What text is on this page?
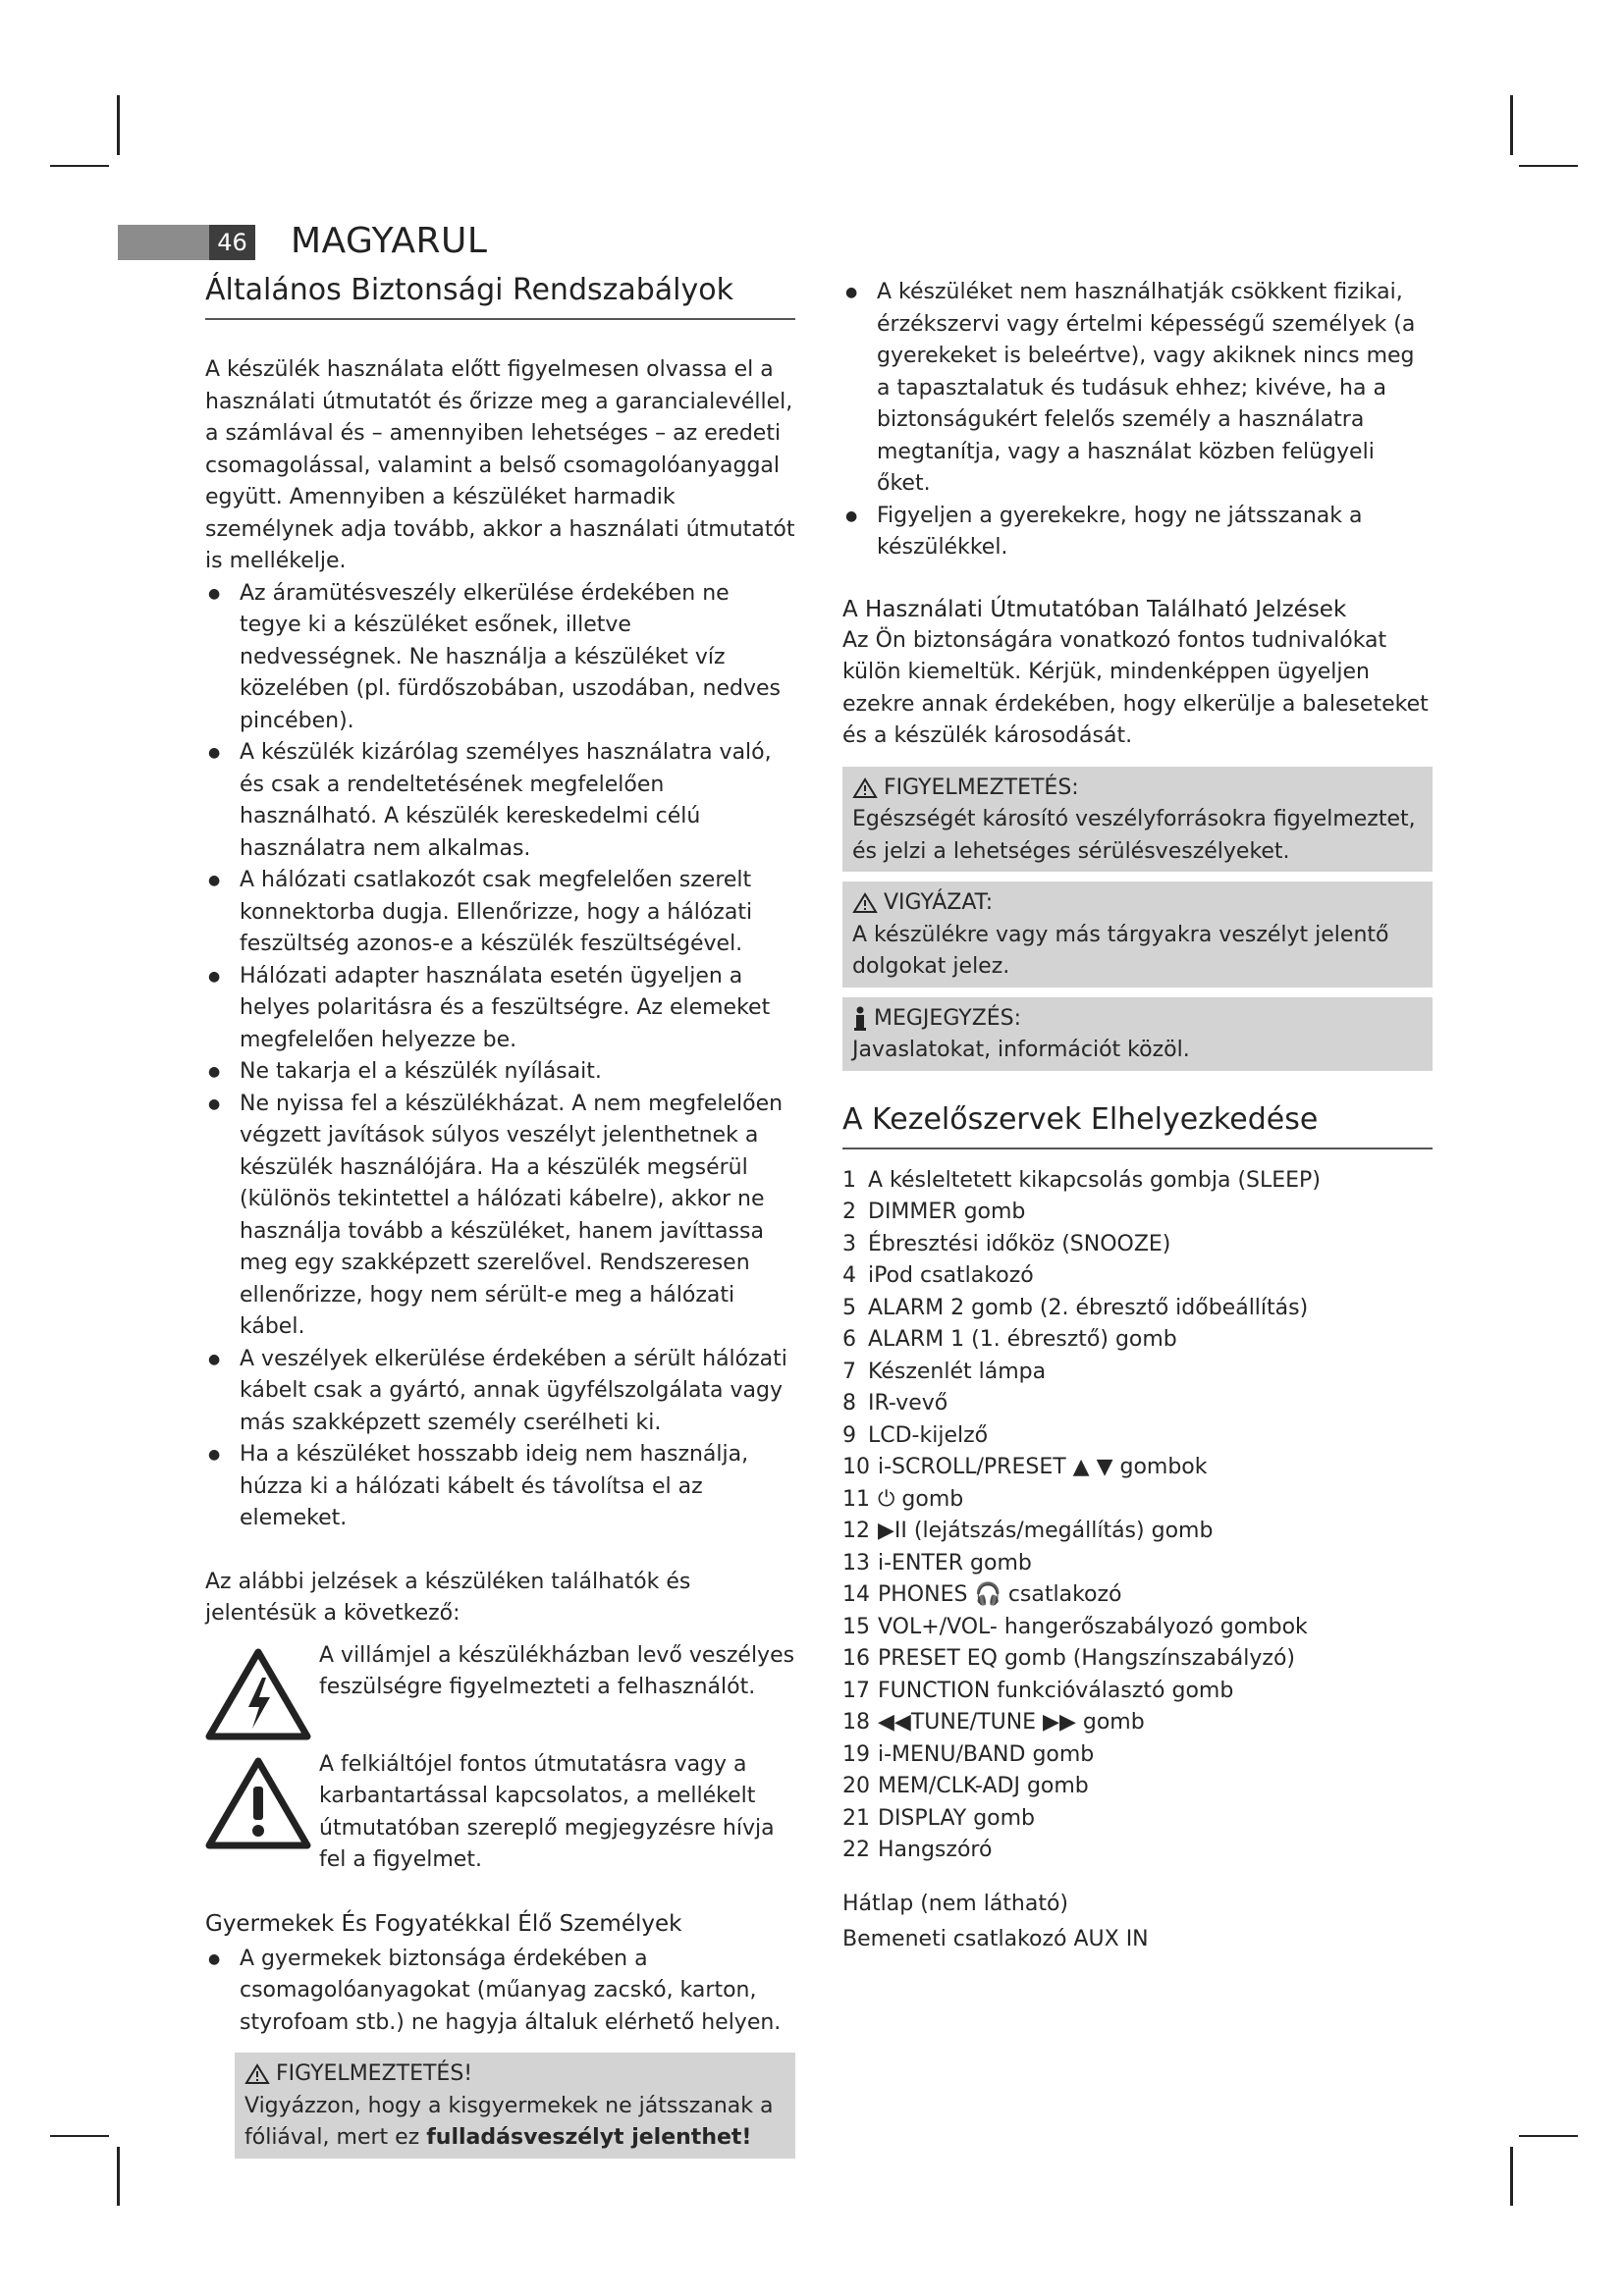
46 MAGYARUL
Általános Biztonsági Rendszabályok

A készülék használata előtt figyelmesen olvassa el a használati útmutatót és őrizze meg a garancialevéllel, a számlával és – amennyiben lehetséges – az eredeti csomagolással, valamint a belső csomagolóanyaggal együtt. Amennyiben a készüléket harmadik személynek adja tovább, akkor a használati útmutatót is mellékelje.

● Az áramütésveszély elkerülése érdekében ne tegye ki a készüléket esőnek, illetve nedvességnek. Ne használja a készüléket víz közelében (pl. fürdőszobában, uszodában, nedves pincében).
● A készülék kizárólag személyes használatra való, és csak a rendeltetésének megfelelően használható. A készülék kereskedelmi célú használatra nem alkalmas.
● A hálózati csatlakozót csak megfelelően szerelt konnektorba dugja. Ellenőrizze, hogy a hálózati feszültség azonos-e a készülék feszültségével.
● Hálózati adapter használata esetén ügyeljen a helyes polaritásra és a feszültségre. Az elemeket megfelelően helyezze be.
● Ne takarja el a készülék nyílásait.
● Ne nyissa fel a készülékházat. A nem megfelelően végzett javítások súlyos veszélyt jelenthetnek a készülék használójára. Ha a készülék megsérül (különös tekintettel a hálózati kábelre), akkor ne használja tovább a készüléket, hanem javíttassa meg egy szakképzett szerelővel. Rendszeresen ellenőrizze, hogy nem sérült-e meg a hálózati kábel.
● A veszélyek elkerülése érdekében a sérült hálózati kábelt csak a gyártó, annak ügyfélszolgálata vagy más szakképzett személy cserélheti ki.
● Ha a készüléket hosszabb ideig nem használja, húzza ki a hálózati kábelt és távolítsa el az elemeket.

Az alábbi jelzések a készüléken találhatók és jelentésük a következő:

A villámjel a készülékházban levő veszélyes feszülségre figyelmezteti a felhasználót.

A felkiáltójel fontos útmutatásra vagy a karbantartással kapcsolatos, a mellékelt útmutatóban szereplő megjegyzésre hívja fel a figyelmet.

Gyermekek És Fogyatékkal Élő Személyek
● A gyermekek biztonsága érdekében a csomagolóanyagokat (műanyag zacskó, karton, styrofoam stb.) ne hagyja általuk elérhető helyen.
FIGYELMEZTETÉS!

Vigyázzon, hogy a kisgyermekek ne játsszanak a fóliával, mert ez fulladásveszélyt jelenthet!

● A készüléket nem használhatják csökkent fizikai, érzékszervi vagy értelmi képességű személyek (a gyerekeket is beleértve), vagy akiknek nincs meg a tapasztalatuk és tudásuk ehhez; kivéve, ha a biztonságukért felelős személy a használatra megtanítja, vagy a használat közben felügyeli őket.
● Figyeljen a gyerekekre, hogy ne játsszanak a készülékkel.
A Használati Útmutatóban Található Jelzések

Az Ön biztonságára vonatkozó fontos tudnivalókat külön kiemeltük. Kérjük, mindenképpen ügyeljen ezekre annak érdekében, hogy elkerülje a baleseteket és a készülék károsodását.

FIGYELMEZTETÉS:

Egészségét károsító veszélyforrásokra figyelmeztet, és jelzi a lehetséges sérülésveszélyeket.

VIGYÁZAT:

A készülékre vagy más tárgyakra veszélyt jelentő dolgokat jelez.

MEGJEGYZÉS:

Javaslatokat, információt közöl.

A Kezelőszervek Elhelyezkedése
1 A késleltetett kikapcsolás gombja (SLEEP)
2 DIMMER gomb
3 Ébresztési időköz (SNOOZE)
4 iPod csatlakozó
5 ALARM 2 gomb (2. ébresztő időbeállítás)
6 ALARM 1 (1. ébresztő) gomb
7 Készenlét lámpa
8 IR-vevő
9 LCD-kijelző
10 i-SCROLL/PRESET ▲ ▼ gombok
11 ⏻ gomb
12 ▶II (lejátszás/megállítás) gomb
13 i-ENTER gomb
14 PHONES 🎧 csatlakozó
15 VOL+/VOL- hangerőszabályozó gombok
16 PRESET EQ gomb (Hangszínszabályzó)
17 FUNCTION funkcióválasztó gomb
18 ◀◀TUNE/TUNE ▶▶ gomb
19 i-MENU/BAND gomb
20 MEM/CLK-ADJ gomb
21 DISPLAY gomb
22 Hangszóró

Hátlap (nem látható)

Bemeneti csatlakozó AUX IN
